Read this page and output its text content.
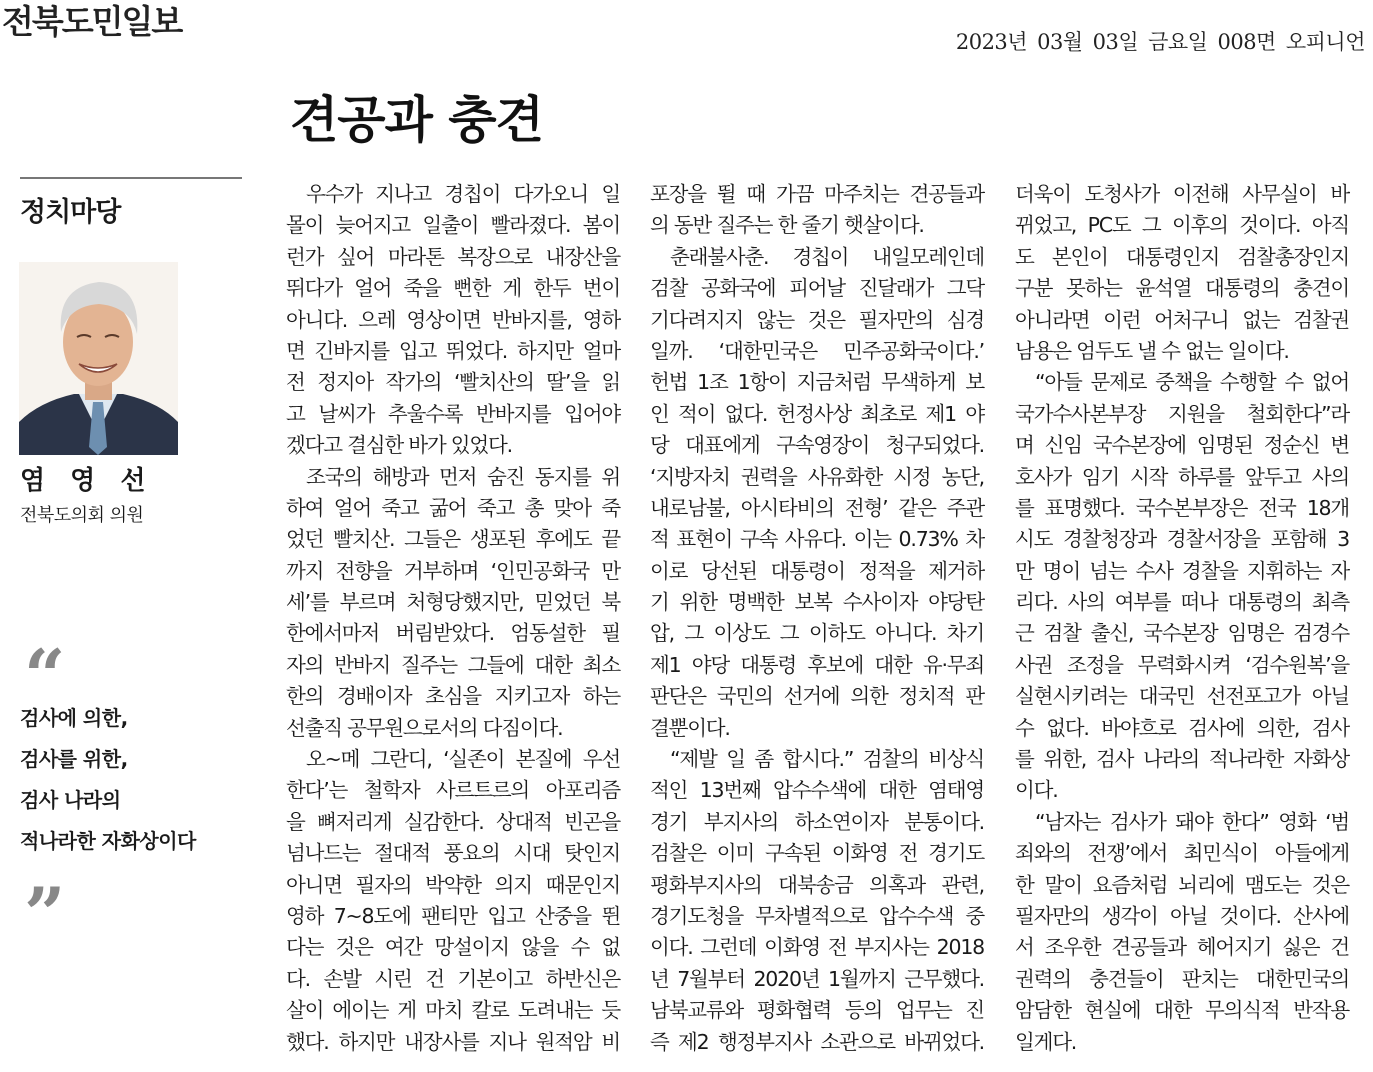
전북도민일보
2023년 03월 03일 금요일 008면 오피니언
견공과 충견
정치마당
염 영 선
전북도의회 의원
“
검사에 의한,
검사를 위한,
검사 나라의
적나라한 자화상이다
”
우수가 지나고 경칩이 다가오니 일
몰이 늦어지고 일출이 빨라졌다. 봄이
런가 싶어 마라톤 복장으로 내장산을
뛰다가 얼어 죽을 뻔한 게 한두 번이
아니다. 으레 영상이면 반바지를, 영하
면 긴바지를 입고 뛰었다. 하지만 얼마
전 정지아 작가의 ‘빨치산의 딸’을 읽
고 날씨가 추울수록 반바지를 입어야
겠다고 결심한 바가 있었다.
조국의 해방과 먼저 숨진 동지를 위
하여 얼어 죽고 굶어 죽고 총 맞아 죽
었던 빨치산. 그들은 생포된 후에도 끝
까지 전향을 거부하며 ‘인민공화국 만
세’를 부르며 처형당했지만, 믿었던 북
한에서마저 버림받았다. 엄동설한 필
자의 반바지 질주는 그들에 대한 최소
한의 경배이자 초심을 지키고자 하는
선출직 공무원으로서의 다짐이다.
오~메 그란디, ‘실존이 본질에 우선
한다’는 철학자 사르트르의 아포리즘
을 뼈저리게 실감한다. 상대적 빈곤을
넘나드는 절대적 풍요의 시대 탓인지
아니면 필자의 박약한 의지 때문인지
영하 7~8도에 팬티만 입고 산중을 뛴
다는 것은 여간 망설이지 않을 수 없
다. 손발 시린 건 기본이고 하반신은
살이 에이는 게 마치 칼로 도려내는 듯
했다. 하지만 내장사를 지나 원적암 비
포장을 뛸 때 가끔 마주치는 견공들과
의 동반 질주는 한 줄기 햇살이다.
춘래불사춘. 경칩이 내일모레인데
검찰 공화국에 피어날 진달래가 그닥
기다려지지 않는 것은 필자만의 심경
일까. ‘대한민국은 민주공화국이다.’
헌법 1조 1항이 지금처럼 무색하게 보
인 적이 없다. 헌정사상 최초로 제1 야
당 대표에게 구속영장이 청구되었다.
‘지방자치 권력을 사유화한 시정 농단,
내로남불, 아시타비의 전형’ 같은 주관
적 표현이 구속 사유다. 이는 0.73% 차
이로 당선된 대통령이 정적을 제거하
기 위한 명백한 보복 수사이자 야당탄
압, 그 이상도 그 이하도 아니다. 차기
제1 야당 대통령 후보에 대한 유·무죄
판단은 국민의 선거에 의한 정치적 판
결뿐이다.
“제발 일 좀 합시다.” 검찰의 비상식
적인 13번째 압수수색에 대한 염태영
경기 부지사의 하소연이자 분통이다.
검찰은 이미 구속된 이화영 전 경기도
평화부지사의 대북송금 의혹과 관련,
경기도청을 무차별적으로 압수수색 중
이다. 그런데 이화영 전 부지사는 2018
년 7월부터 2020년 1월까지 근무했다.
남북교류와 평화협력 등의 업무는 진
즉 제2 행정부지사 소관으로 바뀌었다.
더욱이 도청사가 이전해 사무실이 바
뀌었고, PC도 그 이후의 것이다. 아직
도 본인이 대통령인지 검찰총장인지
구분 못하는 윤석열 대통령의 충견이
아니라면 이런 어처구니 없는 검찰권
남용은 엄두도 낼 수 없는 일이다.
“아들 문제로 중책을 수행할 수 없어
국가수사본부장 지원을 철회한다”라
며 신임 국수본장에 임명된 정순신 변
호사가 임기 시작 하루를 앞두고 사의
를 표명했다. 국수본부장은 전국 18개
시도 경찰청장과 경찰서장을 포함해 3
만 명이 넘는 수사 경찰을 지휘하는 자
리다. 사의 여부를 떠나 대통령의 최측
근 검찰 출신, 국수본장 임명은 검경수
사권 조정을 무력화시켜 ‘검수원복’을
실현시키려는 대국민 선전포고가 아닐
수 없다. 바야흐로 검사에 의한, 검사
를 위한, 검사 나라의 적나라한 자화상
이다.
“남자는 검사가 돼야 한다” 영화 ‘범
죄와의 전쟁’에서 최민식이 아들에게
한 말이 요즘처럼 뇌리에 맴도는 것은
필자만의 생각이 아닐 것이다. 산사에
서 조우한 견공들과 헤어지기 싫은 건
권력의 충견들이 판치는 대한민국의
암담한 현실에 대한 무의식적 반작용
일게다.
